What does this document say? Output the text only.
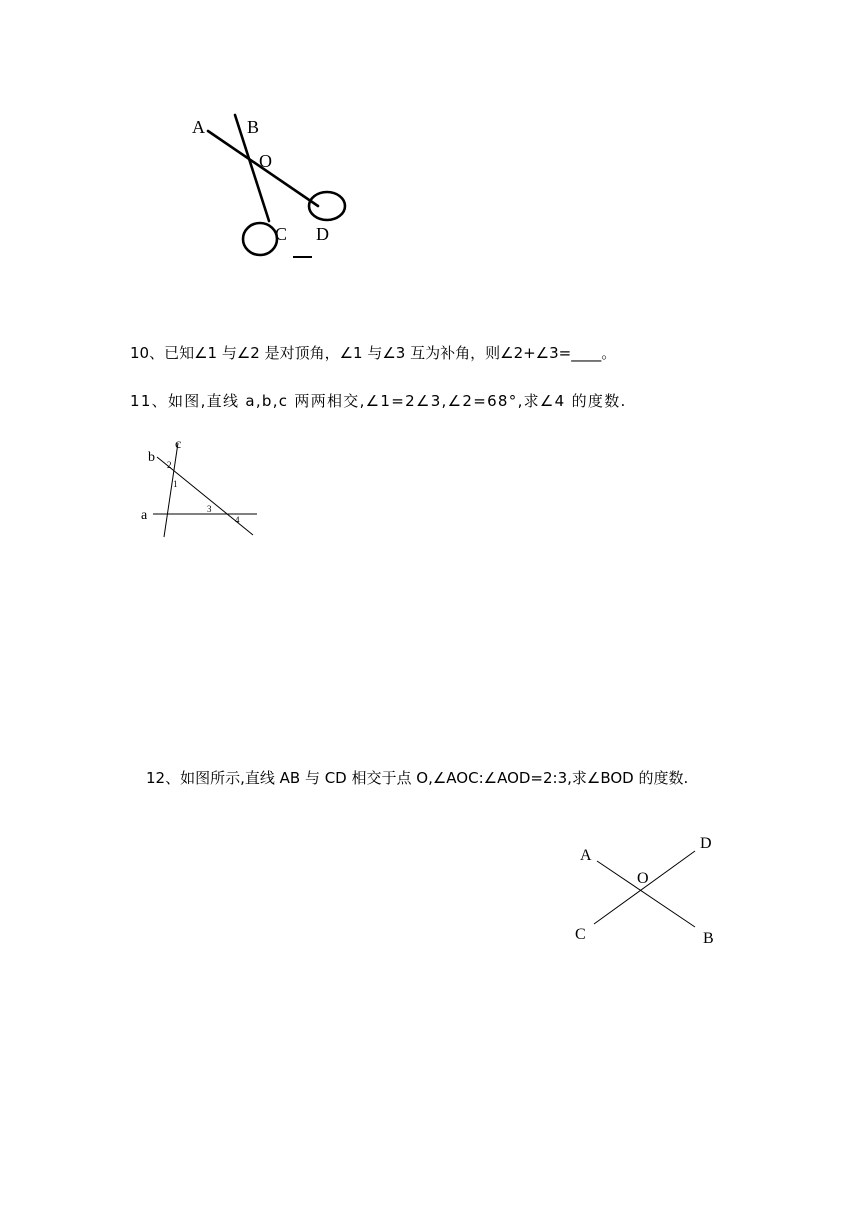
A B
O
C D

10、已知∠1 与∠2 是对顶角，∠1 与∠3 互为补角，则∠2+∠3=____。

11、如图,直线 a,b,c 两两相交,∠1=2∠3,∠2=68°,求∠4 的度数.

c
b
a
2
1
3
4

12、如图所示,直线 AB 与 CD 相交于点 O,∠AOC:∠AOD=2:3,求∠BOD 的度数.

A
D
O
C	B
